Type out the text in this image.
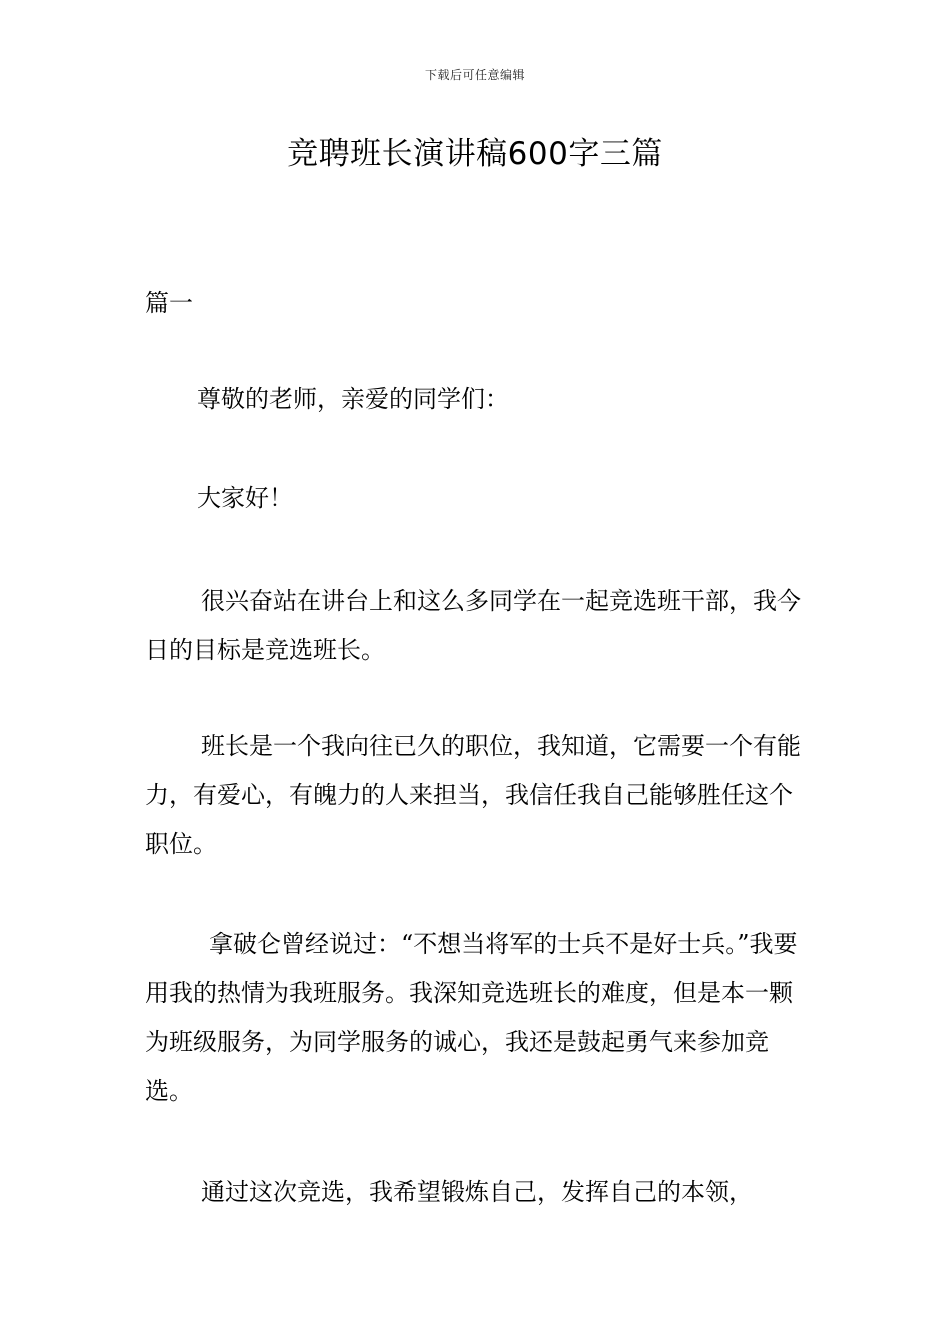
下载后可任意编辑
竞聘班长演讲稿600字三篇
篇一

尊敬的老师，亲爱的同学们：

大家好！

很兴奋站在讲台上和这么多同学在一起竞选班干部，我今日的目标是竞选班长。

班长是一个我向往已久的职位，我知道，它需要一个有能力，有爱心，有魄力的人来担当，我信任我自己能够胜任这个职位。

拿破仑曾经说过：“不想当将军的士兵不是好士兵。”我要用我的热情为我班服务。我深知竞选班长的难度，但是本一颗为班级服务，为同学服务的诚心，我还是鼓起勇气来参加竞选。

通过这次竞选，我希望锻炼自己，发挥自己的本领，
